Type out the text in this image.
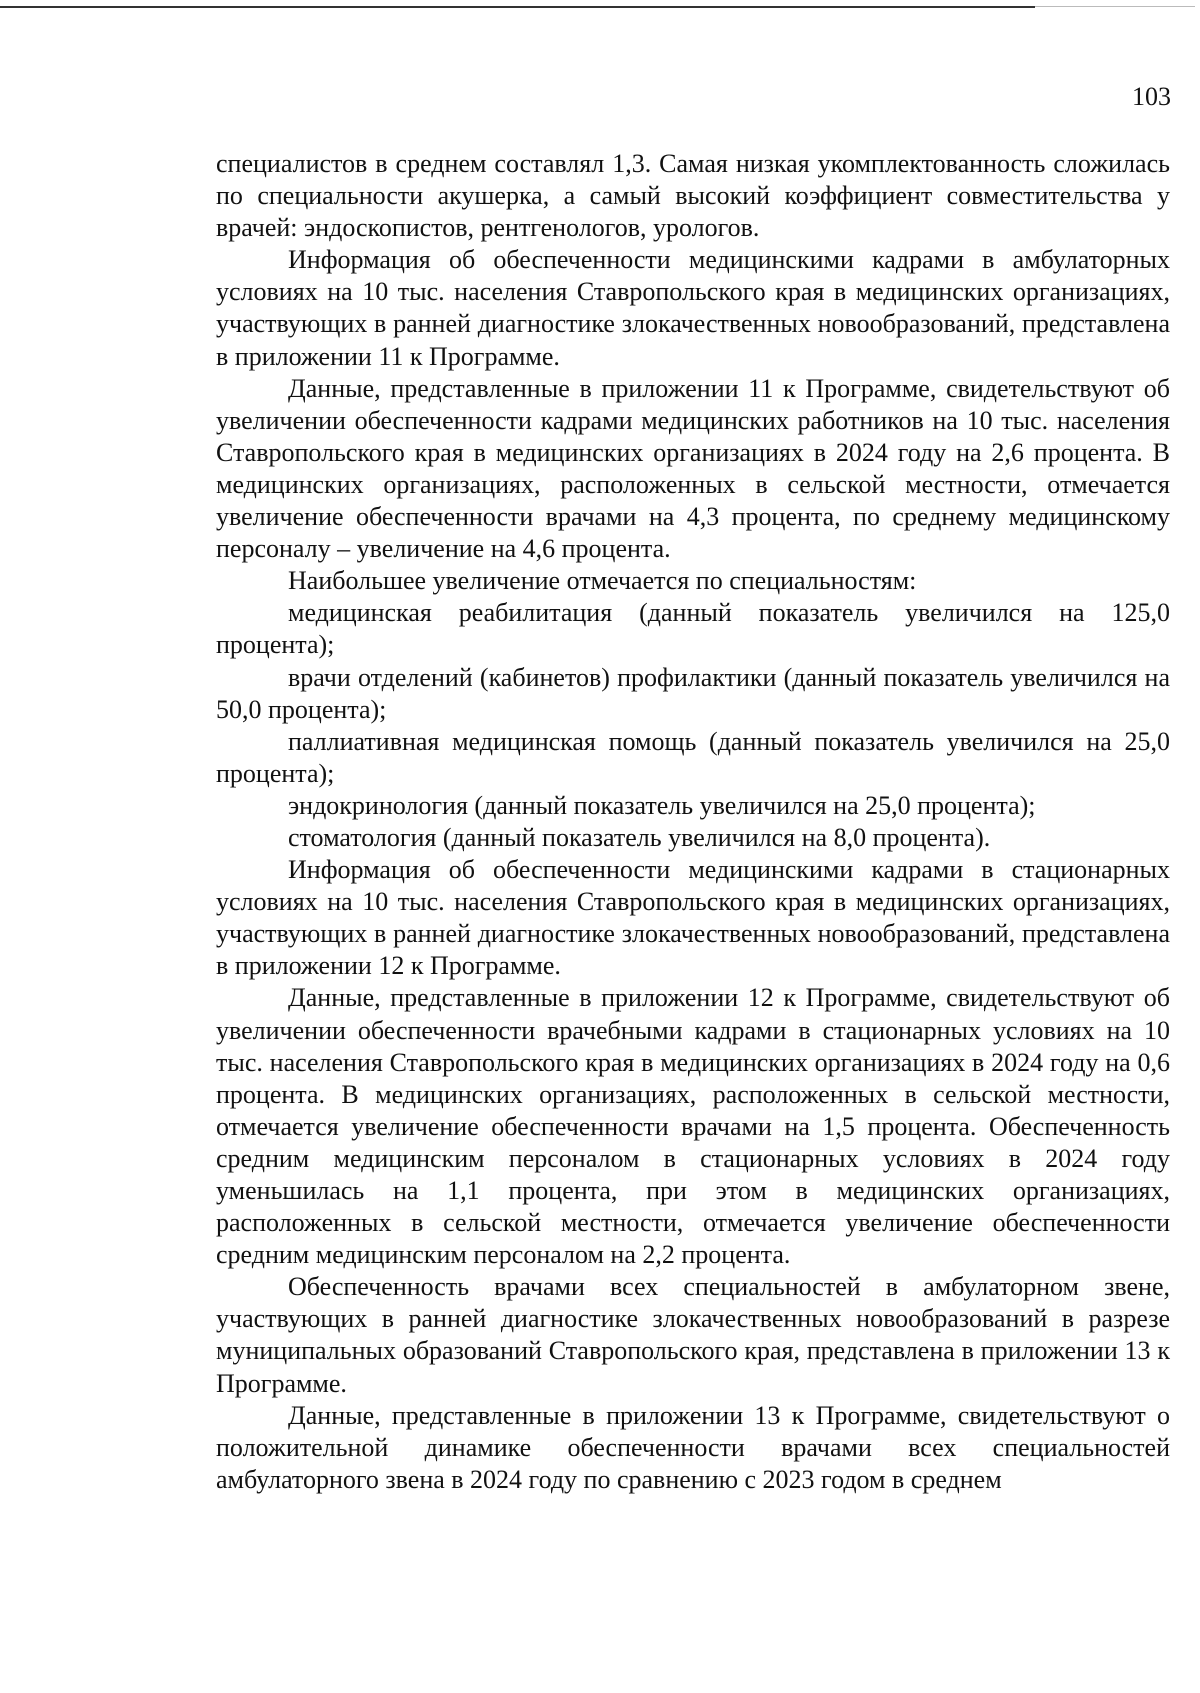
103

специалистов в среднем составлял 1,3. Самая низкая укомплектованность сложилась по специальности акушерка, а самый высокий коэффициент совместительства у врачей: эндоскопистов, рентгенологов, урологов.

Информация об обеспеченности медицинскими кадрами в амбулаторных условиях на 10 тыс. населения Ставропольского края в медицинских организациях, участвующих в ранней диагностике злокачественных новообразований, представлена в приложении 11 к Программе.

Данные, представленные в приложении 11 к Программе, свидетельствуют об увеличении обеспеченности кадрами медицинских работников на 10 тыс. населения Ставропольского края в медицинских организациях в 2024 году на 2,6 процента. В медицинских организациях, расположенных в сельской местности, отмечается увеличение обеспеченности врачами на 4,3 процента, по среднему медицинскому персоналу – увеличение на 4,6 процента.

Наибольшее увеличение отмечается по специальностям:

медицинская реабилитация (данный показатель увеличился на 125,0 процента);

врачи отделений (кабинетов) профилактики (данный показатель увеличился на 50,0 процента);

паллиативная медицинская помощь (данный показатель увеличился на 25,0 процента);

эндокринология (данный показатель увеличился на 25,0 процента);

стоматология (данный показатель увеличился на 8,0 процента).

Информация об обеспеченности медицинскими кадрами в стационарных условиях на 10 тыс. населения Ставропольского края в медицинских организациях, участвующих в ранней диагностике злокачественных новообразований, представлена в приложении 12 к Программе.

Данные, представленные в приложении 12 к Программе, свидетельствуют об увеличении обеспеченности врачебными кадрами в стационарных условиях на 10 тыс. населения Ставропольского края в медицинских организациях в 2024 году на 0,6 процента. В медицинских организациях, расположенных в сельской местности, отмечается увеличение обеспеченности врачами на 1,5 процента. Обеспеченность средним медицинским персоналом в стационарных условиях в 2024 году уменьшилась на 1,1 процента, при этом в медицинских организациях, расположенных в сельской местности, отмечается увеличение обеспеченности средним медицинским персоналом на 2,2 процента.

Обеспеченность врачами всех специальностей в амбулаторном звене, участвующих в ранней диагностике злокачественных новообразований в разрезе муниципальных образований Ставропольского края, представлена в приложении 13 к Программе.

Данные, представленные в приложении 13 к Программе, свидетельствуют о положительной динамике обеспеченности врачами всех специальностей амбулаторного звена в 2024 году по сравнению с 2023 годом в среднем
